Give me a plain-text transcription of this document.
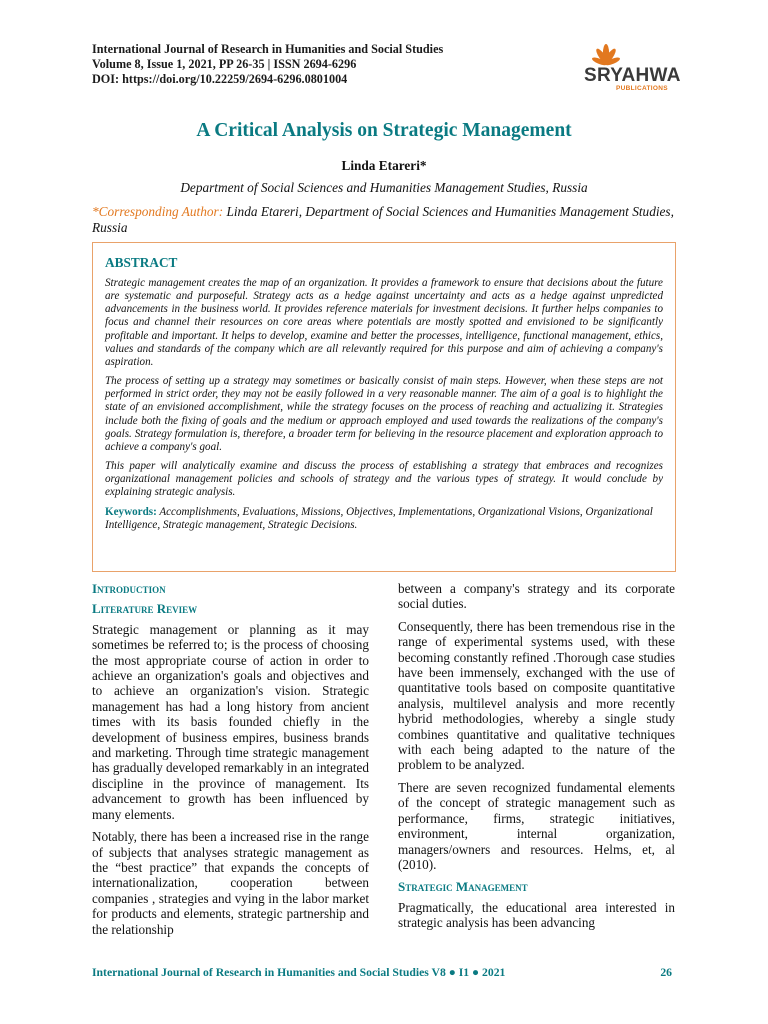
International Journal of Research in Humanities and Social Studies
Volume 8, Issue 1, 2021, PP 26-35 | ISSN 2694-6296
DOI: https://doi.org/10.22259/2694-6296.0801004	SRYAHWA
PUBLICATIONS
A Critical Analysis on Strategic Management
Linda Etareri*
Department of Social Sciences and Humanities Management Studies, Russia
*Corresponding Author: Linda Etareri, Department of Social Sciences and Humanities Management Studies, Russia
ABSTRACT

Strategic management creates the map of an organization. It provides a framework to ensure that decisions about the future are systematic and purposeful. Strategy acts as a hedge against uncertainty and acts as a hedge against unpredicted advancements in the business world. It provides reference materials for investment decisions. It further helps companies to focus and channel their resources on core areas where potentials are mostly spotted and envisioned to be significantly profitable and important. It helps to develop, examine and better the processes, intelligence, functional management, ethics, values and standards of the company which are all relevantly required for this purpose and aim of achieving a company's aspiration.

The process of setting up a strategy may sometimes or basically consist of main steps. However, when these steps are not performed in strict order, they may not be easily followed in a very reasonable manner. The aim of a goal is to highlight the state of an envisioned accomplishment, while the strategy focuses on the process of reaching and actualizing it. Strategies include both the fixing of goals and the medium or approach employed and used towards the realizations of the company's goals. Strategy formulation is, therefore, a broader term for believing in the resource placement and exploration approach to achieve a company's goal.

This paper will analytically examine and discuss the process of establishing a strategy that embraces and recognizes organizational management policies and schools of strategy and the various types of strategy. It would conclude by explaining strategic analysis.

Keywords: Accomplishments, Evaluations, Missions, Objectives, Implementations, Organizational Visions, Organizational Intelligence, Strategic management, Strategic Decisions.

Introduction
Literature Review

Strategic management or planning as it may sometimes be referred to; is the process of choosing the most appropriate course of action in order to achieve an organization's goals and objectives and to achieve an organization's vision. Strategic management has had a long history from ancient times with its basis founded chiefly in the development of business empires, business brands and marketing. Through time strategic management has gradually developed remarkably in an integrated discipline in the province of management. Its advancement to growth has been influenced by many elements.

Notably, there has been a increased rise in the range of subjects that analyses strategic management as the “best practice” that expands the concepts of internationalization, cooperation between companies , strategies and vying in the labor market for products and elements, strategic partnership and the relationship

between a company's strategy and its corporate social duties.

Consequently, there has been tremendous rise in the range of experimental systems used, with these becoming constantly refined .Thorough case studies have been immensely, exchanged with the use of quantitative tools based on composite quantitative analysis, multilevel analysis and more recently hybrid methodologies, whereby a single study combines quantitative and qualitative techniques with each being adapted to the nature of the problem to be analyzed.

There are seven recognized fundamental elements of the concept of strategic management such as performance, firms, strategic initiatives, environment, internal organization, managers/owners and resources. Helms, et, al (2010).

Strategic Management

Pragmatically, the educational area interested in strategic analysis has been advancing

International Journal of Research in Humanities and Social Studies V8 ● I1 ● 2021	26
